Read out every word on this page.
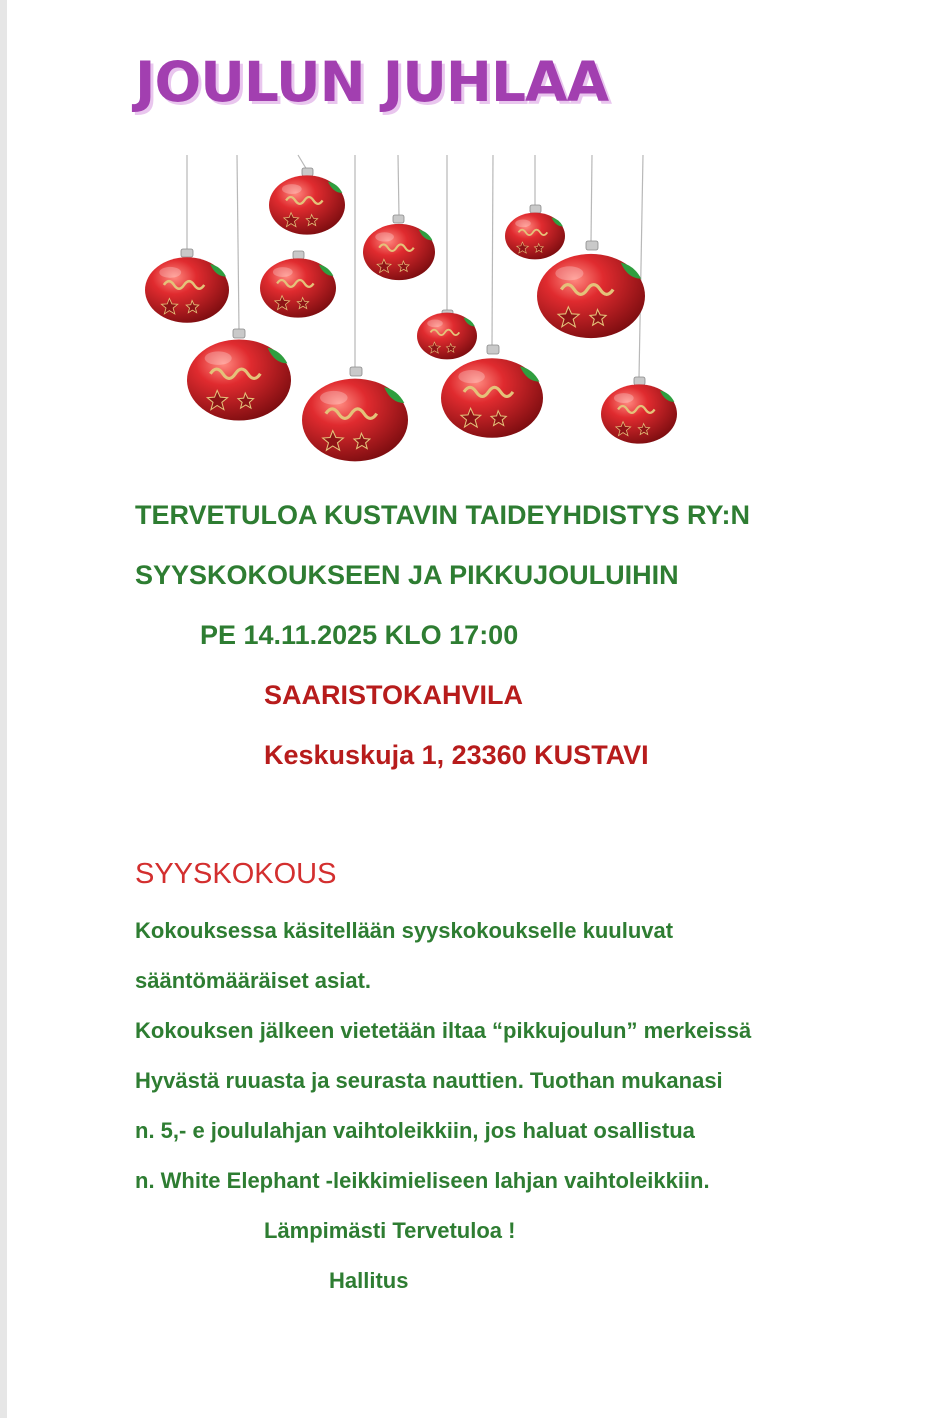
JOULUN JUHLAA

TERVETULOA KUSTAVIN TAIDEYHDISTYS RY:N

SYYSKOKOUKSEEN JA PIKKUJOULUIHIN

PE 14.11.2025 KLO 17:00

SAARISTOKAHVILA

Keskuskuja 1, 23360 KUSTAVI

SYYSKOKOUS

Kokouksessa käsitellään syyskokoukselle kuuluvat

sääntömääräiset asiat.

Kokouksen jälkeen vietetään iltaa “pikkujoulun” merkeissä

Hyvästä ruuasta ja seurasta nauttien. Tuothan mukanasi

n. 5,- e joululahjan vaihtoleikkiin, jos haluat osallistua

n. White Elephant -leikkimieliseen lahjan vaihtoleikkiin.

Lämpimästi Tervetuloa !

Hallitus
